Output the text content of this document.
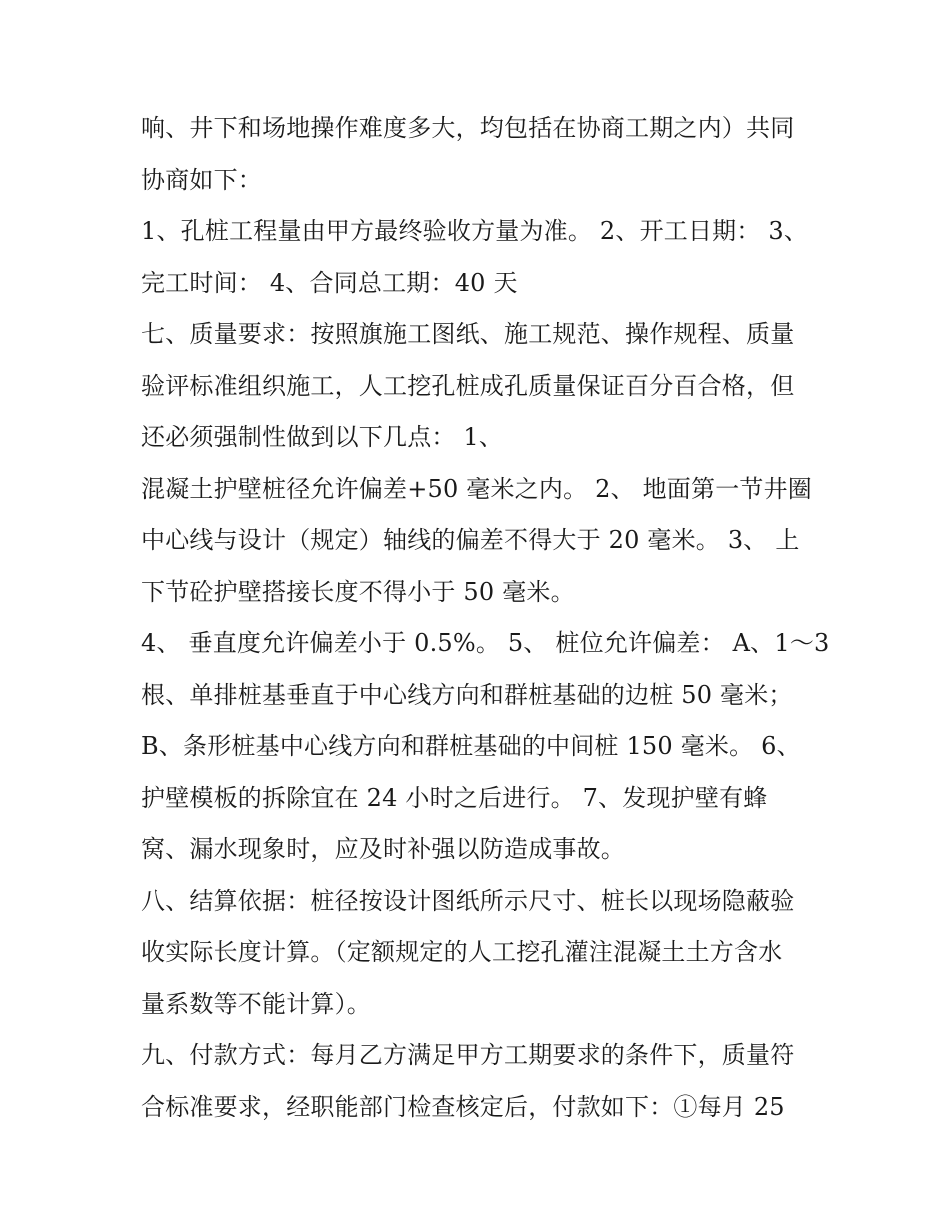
响、井下和场地操作难度多大，均包括在协商工期之内）共同
协商如下：
1、孔桩工程量由甲方最终验收方量为准。 2、开工日期： 3、
完工时间： 4、合同总工期：40 天
七、质量要求：按照旗施工图纸、施工规范、操作规程、质量
验评标准组织施工，人工挖孔桩成孔质量保证百分百合格，但
还必须强制性做到以下几点： 1、
混凝土护壁桩径允许偏差+50 毫米之内。 2、 地面第一节井圈
中心线与设计（规定）轴线的偏差不得大于 20 毫米。 3、 上
下节砼护壁搭接长度不得小于 50 毫米。
4、 垂直度允许偏差小于 0.5%。 5、 桩位允许偏差： A、1～3
根、单排桩基垂直于中心线方向和群桩基础的边桩 50 毫米；
B、条形桩基中心线方向和群桩基础的中间桩 150 毫米。 6、
护壁模板的拆除宜在 24 小时之后进行。 7、发现护壁有蜂
窝、漏水现象时，应及时补强以防造成事故。
八、结算依据：桩径按设计图纸所示尺寸、桩长以现场隐蔽验
收实际长度计算。（定额规定的人工挖孔灌注混凝土土方含水
量系数等不能计算）。
九、付款方式：每月乙方满足甲方工期要求的条件下，质量符
合标准要求，经职能部门检查核定后，付款如下：①每月 25
